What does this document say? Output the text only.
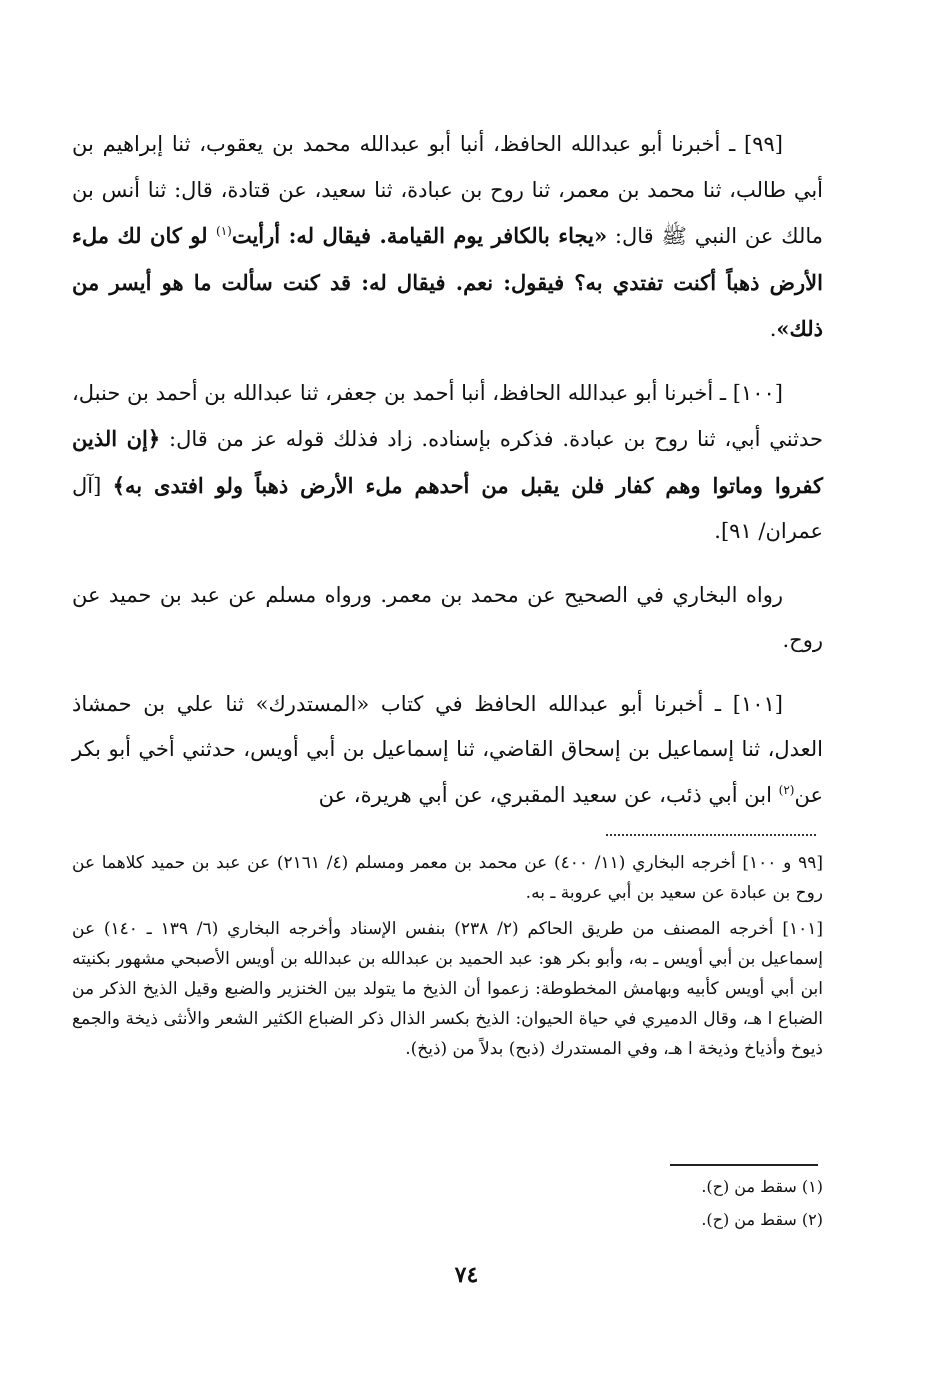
[٩٩] ـ أخبرنا أبو عبدالله الحافظ، أنبا أبو عبدالله محمد بن يعقوب، ثنا إبراهيم بن أبي طالب، ثنا محمد بن معمر، ثنا روح بن عبادة، ثنا سعيد، عن قتادة، قال: ثنا أنس بن مالك عن النبي ﷺ قال: «يجاء بالكافر يوم القيامة. فيقال له: أرأيت$^{(١)}$ لو كان لك ملء الأرض ذهباً أكنت تفتدي به؟ فيقول: نعم. فيقال له: قد كنت سألت ما هو أيسر من ذلك».

[١٠٠] ـ أخبرنا أبو عبدالله الحافظ، أنبا أحمد بن جعفر، ثنا عبدالله بن أحمد بن حنبل، حدثني أبي، ثنا روح بن عبادة. فذكره بإسناده. زاد فذلك قوله عز من قال: ﴿إن الذين كفروا وماتوا وهم كفار فلن يقبل من أحدهم ملء الأرض ذهباً ولو افتدى به﴾ [آل عمران/ ٩١].

رواه البخاري في الصحيح عن محمد بن معمر. ورواه مسلم عن عبد بن حميد عن روح.

[١٠١] ـ أخبرنا أبو عبدالله الحافظ في كتاب «المستدرك» ثنا علي بن حمشاذ العدل، ثنا إسماعيل بن إسحاق القاضي، ثنا إسماعيل بن أبي أويس، حدثني أخي أبو بكر عن$^{(٢)}$ ابن أبي ذئب، عن سعيد المقبري، عن أبي هريرة، عن

[٩٩ و ١٠٠] أخرجه البخاري (١١/ ٤٠٠) عن محمد بن معمر ومسلم (٤/ ٢١٦١) عن عبد بن حميد كلاهما عن روح بن عبادة عن سعيد بن أبي عروبة ـ به.

[١٠١] أخرجه المصنف من طريق الحاكم (٢/ ٢٣٨) بنفس الإسناد وأخرجه البخاري (٦/ ١٣٩ ـ ١٤٠) عن إسماعيل بن أبي أويس ـ به، وأبو بكر هو: عبد الحميد بن عبدالله بن عبدالله بن أويس الأصبحي مشهور بكنيته ابن أبي أويس كأبيه وبهامش المخطوطة: زعموا أن الذيخ ما يتولد بين الخنزير والضبع وقيل الذيخ الذكر من الضباع ا هـ، وقال الدميري في حياة الحيوان: الذيخ بكسر الذال ذكر الضباع الكثير الشعر والأنثى ذيخة والجمع ذيوخ وأذياخ وذيخة ا هـ، وفي المستدرك (ذبح) بدلاً من (ذيخ).

(١) سقط من (ح).
(٢) سقط من (ح).
٧٤
